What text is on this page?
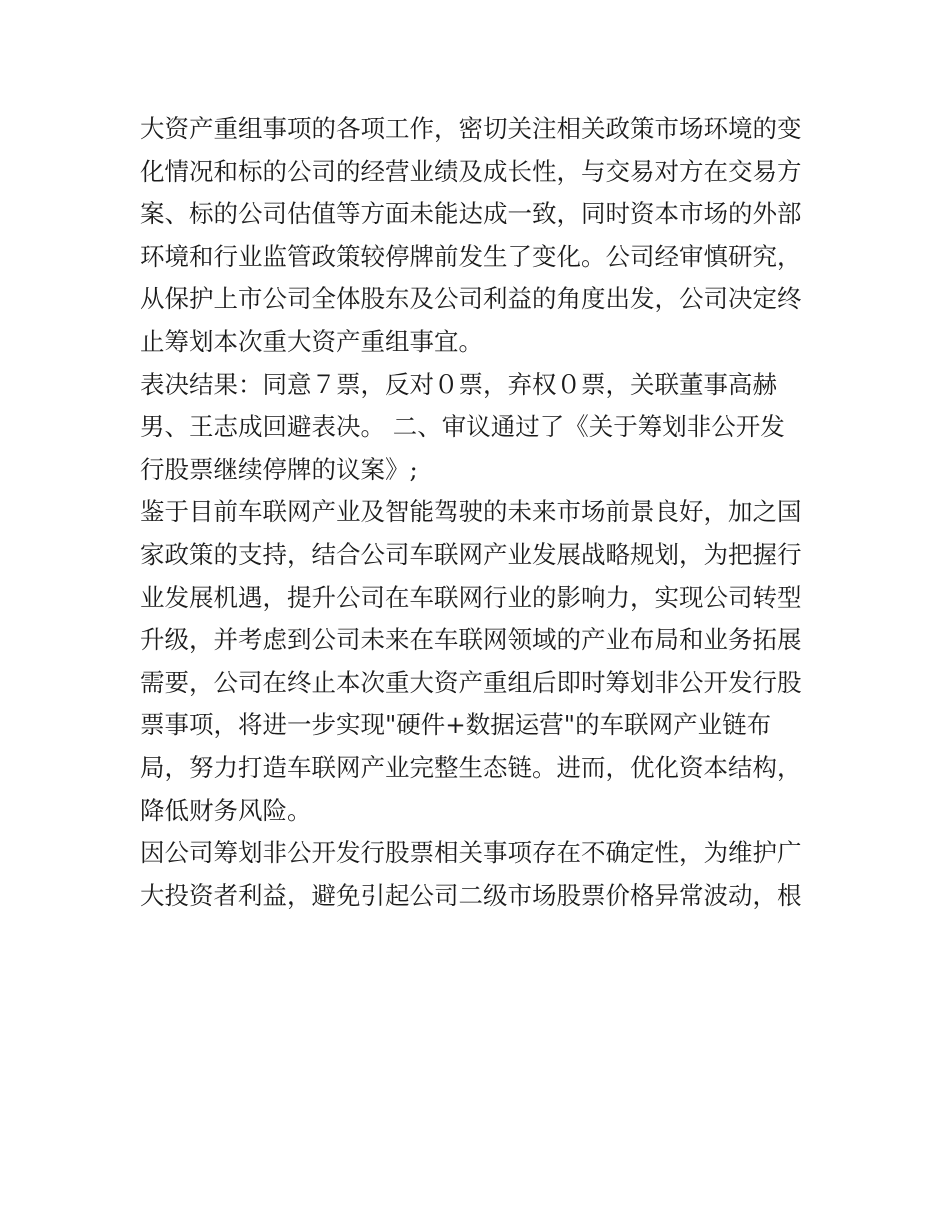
大资产重组事项的各项工作，密切关注相关政策市场环境的变
化情况和标的公司的经营业绩及成长性，与交易对方在交易方
案、标的公司估值等方面未能达成一致，同时资本市场的外部
环境和行业监管政策较停牌前发生了变化。公司经审慎研究，
从保护上市公司全体股东及公司利益的角度出发，公司决定终
止筹划本次重大资产重组事宜。
表决结果：同意７票，反对０票，弃权０票，关联董事高赫
男、王志成回避表决。 二、审议通过了《关于筹划非公开发
行股票继续停牌的议案》;
鉴于目前车联网产业及智能驾驶的未来市场前景良好，加之国
家政策的支持，结合公司车联网产业发展战略规划，为把握行
业发展机遇，提升公司在车联网行业的影响力，实现公司转型
升级，并考虑到公司未来在车联网领域的产业布局和业务拓展
需要，公司在终止本次重大资产重组后即时筹划非公开发行股
票事项，将进一步实现"硬件+数据运营"的车联网产业链布
局，努力打造车联网产业完整生态链。进而，优化资本结构，
降低财务风险。
因公司筹划非公开发行股票相关事项存在不确定性，为维护广
大投资者利益，避免引起公司二级市场股票价格异常波动，根
